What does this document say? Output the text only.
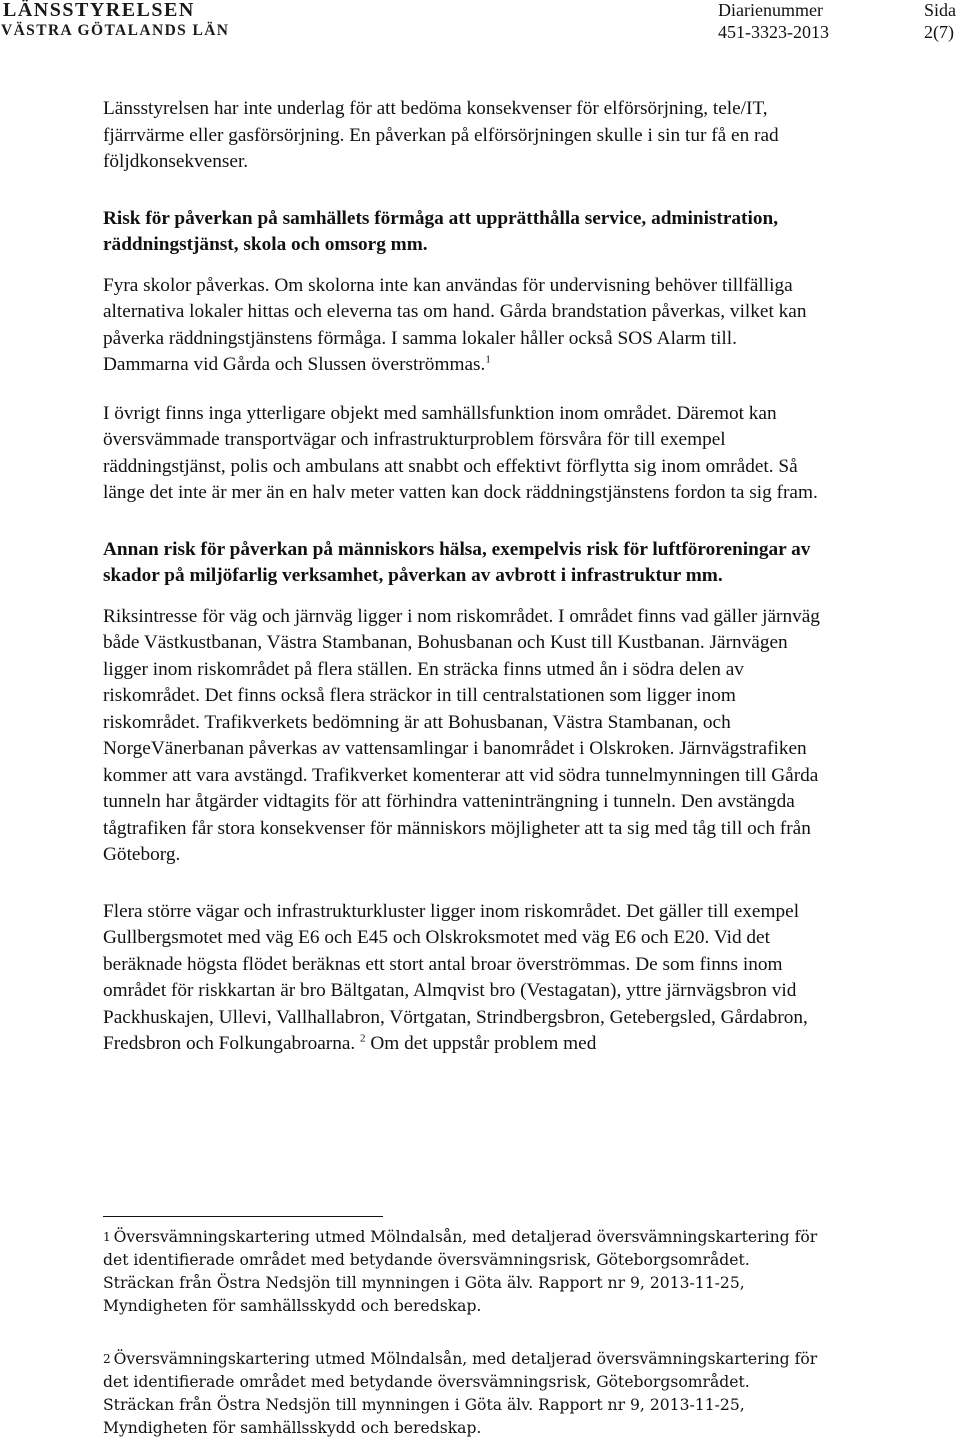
LÄNSSTYRELSEN
VÄSTRA GÖTALANDS LÄN
Diarienummer
451-3323-2013
Sida
2(7)

Länsstyrelsen har inte underlag för att bedöma konsekvenser för elförsörjning, tele/IT, fjärrvärme eller gasförsörjning. En påverkan på elförsörjningen skulle i sin tur få en rad följdkonsekvenser.

Risk för påverkan på samhällets förmåga att upprätthålla service, administration, räddningstjänst, skola och omsorg mm.

Fyra skolor påverkas. Om skolorna inte kan användas för undervisning behöver tillfälliga alternativa lokaler hittas och eleverna tas om hand. Gårda brandstation påverkas, vilket kan påverka räddningstjänstens förmåga. I samma lokaler håller också SOS Alarm till. Dammarna vid Gårda och Slussen överströmmas.$^1$

I övrigt finns inga ytterligare objekt med samhällsfunktion inom området. Däremot kan översvämmade transportvägar och infrastrukturproblem försvåra för till exempel räddningstjänst, polis och ambulans att snabbt och effektivt förflytta sig inom området. Så länge det inte är mer än en halv meter vatten kan dock räddningstjänstens fordon ta sig fram.

Annan risk för påverkan på människors hälsa, exempelvis risk för luftföroreningar av skador på miljöfarlig verksamhet, påverkan av avbrott i infrastruktur mm.

Riksintresse för väg och järnväg ligger i nom riskområdet. I området finns vad gäller järnväg både Västkustbanan, Västra Stambanan, Bohusbanan och Kust till Kustbanan. Järnvägen ligger inom riskområdet på flera ställen. En sträcka finns utmed ån i södra delen av riskområdet. Det finns också flera sträckor in till centralstationen som ligger inom riskområdet. Trafikverkets bedömning är att Bohusbanan, Västra Stambanan, och NorgeVänerbanan påverkas av vattensamlingar i banområdet i Olskroken. Järnvägstrafiken kommer att vara avstängd. Trafikverket komenterar att vid södra tunnelmynningen till Gårda tunneln har åtgärder vidtagits för att förhindra vatteninträngning i tunneln. Den avstängda tågtrafiken får stora konsekvenser för människors möjligheter att ta sig med tåg till och från Göteborg.

Flera större vägar och infrastrukturkluster ligger inom riskområdet. Det gäller till exempel Gullbergsmotet med väg E6 och E45 och Olskroksmotet med väg E6 och E20. Vid det beräknade högsta flödet beräknas ett stort antal broar överströmmas. De som finns inom området för riskkartan är bro Bältgatan, Almqvist bro (Vestagatan), yttre järnvägsbron vid Packhuskajen, Ullevi, Vallhallabron, Vörtgatan, Strindbergsbron, Getebergsled, Gårdabron, Fredsbron och Folkungabroarna. $^2$ Om det uppstår problem med

1 Översvämningskartering utmed Mölndalsån, med detaljerad översvämningskartering för det identifierade området med betydande översvämningsrisk, Göteborgsområdet. Sträckan från Östra Nedsjön till mynningen i Göta älv. Rapport nr 9, 2013-11-25, Myndigheten för samhällsskydd och beredskap.

2 Översvämningskartering utmed Mölndalsån, med detaljerad översvämningskartering för det identifierade området med betydande översvämningsrisk, Göteborgsområdet. Sträckan från Östra Nedsjön till mynningen i Göta älv. Rapport nr 9, 2013-11-25, Myndigheten för samhällsskydd och beredskap.
